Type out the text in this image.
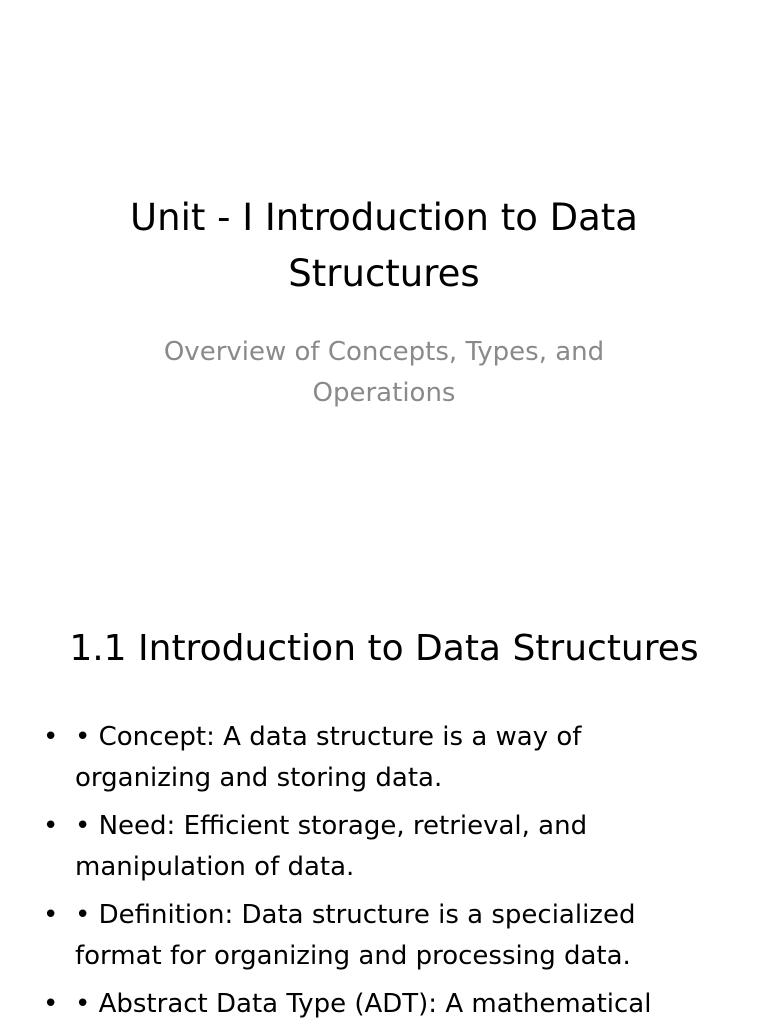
Unit - I Introduction to Data Structures

Overview of Concepts, Types, and Operations

1.1 Introduction to Data Structures
• • Concept: A data structure is a way of organizing and storing data.
• • Need: Efficient storage, retrieval, and manipulation of data.
• • Definition: Data structure is a specialized format for organizing and processing data.
• • Abstract Data Type (ADT): A mathematical
